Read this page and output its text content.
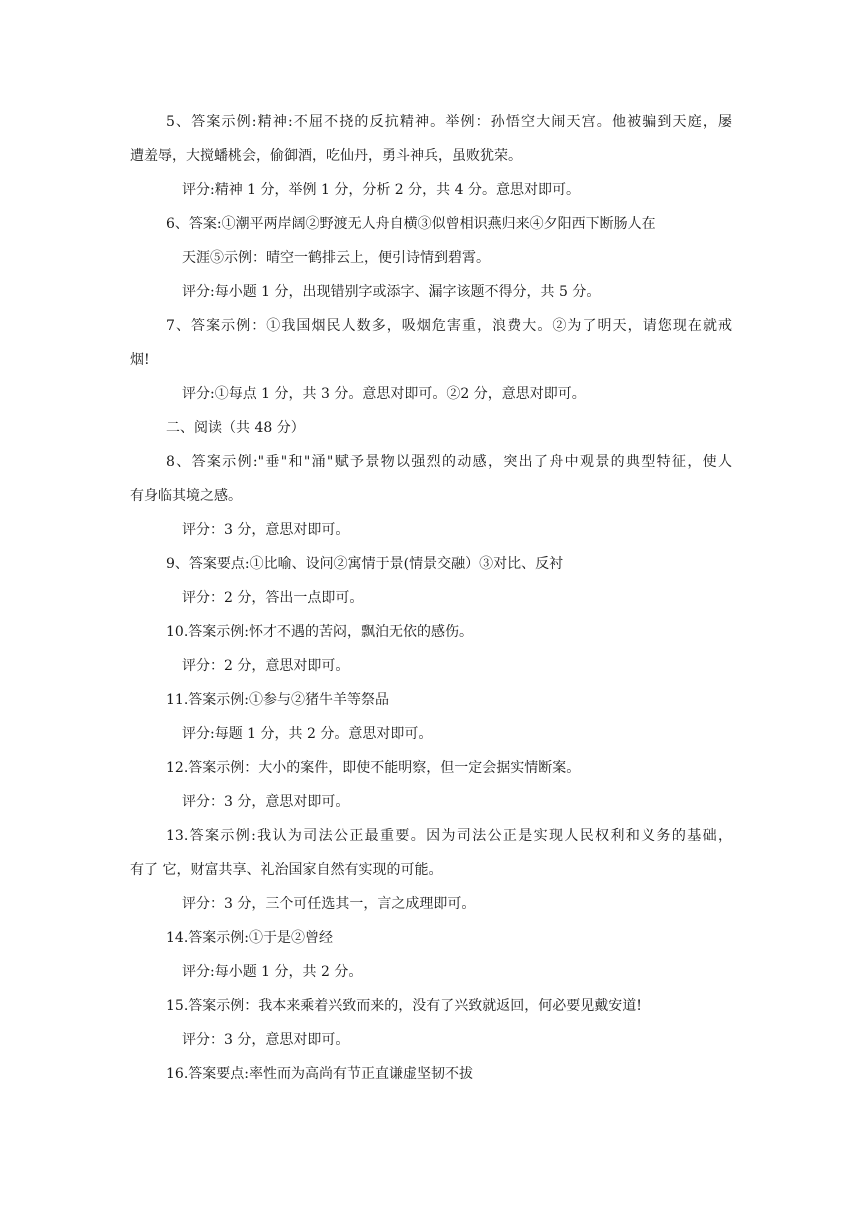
5、答案示例:精神:不屈不挠的反抗精神。举例：孙悟空大闹天宫。他被骗到天庭，屡
遭羞辱，大搅蟠桃会，偷御酒，吃仙丹，勇斗神兵，虽败犹荣。
评分:精神 1 分，举例 1 分，分析 2 分，共 4 分。意思对即可。
6、答案:①潮平两岸阔②野渡无人舟自横③似曾相识燕归来④夕阳西下断肠人在
天涯⑤示例：晴空一鹤排云上，便引诗情到碧霄。
评分:每小题 1 分，出现错别字或添字、漏字该题不得分，共 5 分。
7、答案示例：①我国烟民人数多，吸烟危害重，浪费大。②为了明天，请您现在就戒
烟!
评分:①每点 1 分，共 3 分。意思对即可。②2 分，意思对即可。
二、阅读（共 48 分）
8、答案示例:"垂"和"涌"赋予景物以强烈的动感，突出了舟中观景的典型特征，使人
有身临其境之感。
评分：3 分，意思对即可。
9、答案要点:①比喻、设问②寓情于景(情景交融）③对比、反衬
评分：2 分，答出一点即可。
10.答案示例:怀才不遇的苦闷，飘泊无依的感伤。
评分：2 分，意思对即可。
11.答案示例:①参与②猪牛羊等祭品
评分:每题 1 分，共 2 分。意思对即可。
12.答案示例：大小的案件，即使不能明察，但一定会据实情断案。
评分：3 分，意思对即可。
13.答案示例:我认为司法公正最重要。因为司法公正是实现人民权利和义务的基础，
有了 它，财富共享、礼治国家自然有实现的可能。
评分：3 分，三个可任选其一，言之成理即可。
14.答案示例:①于是②曾经
评分:每小题 1 分，共 2 分。
15.答案示例：我本来乘着兴致而来的，没有了兴致就返回，何必要见戴安道!
评分：3 分，意思对即可。
16.答案要点:率性而为高尚有节正直谦虚坚韧不拔
